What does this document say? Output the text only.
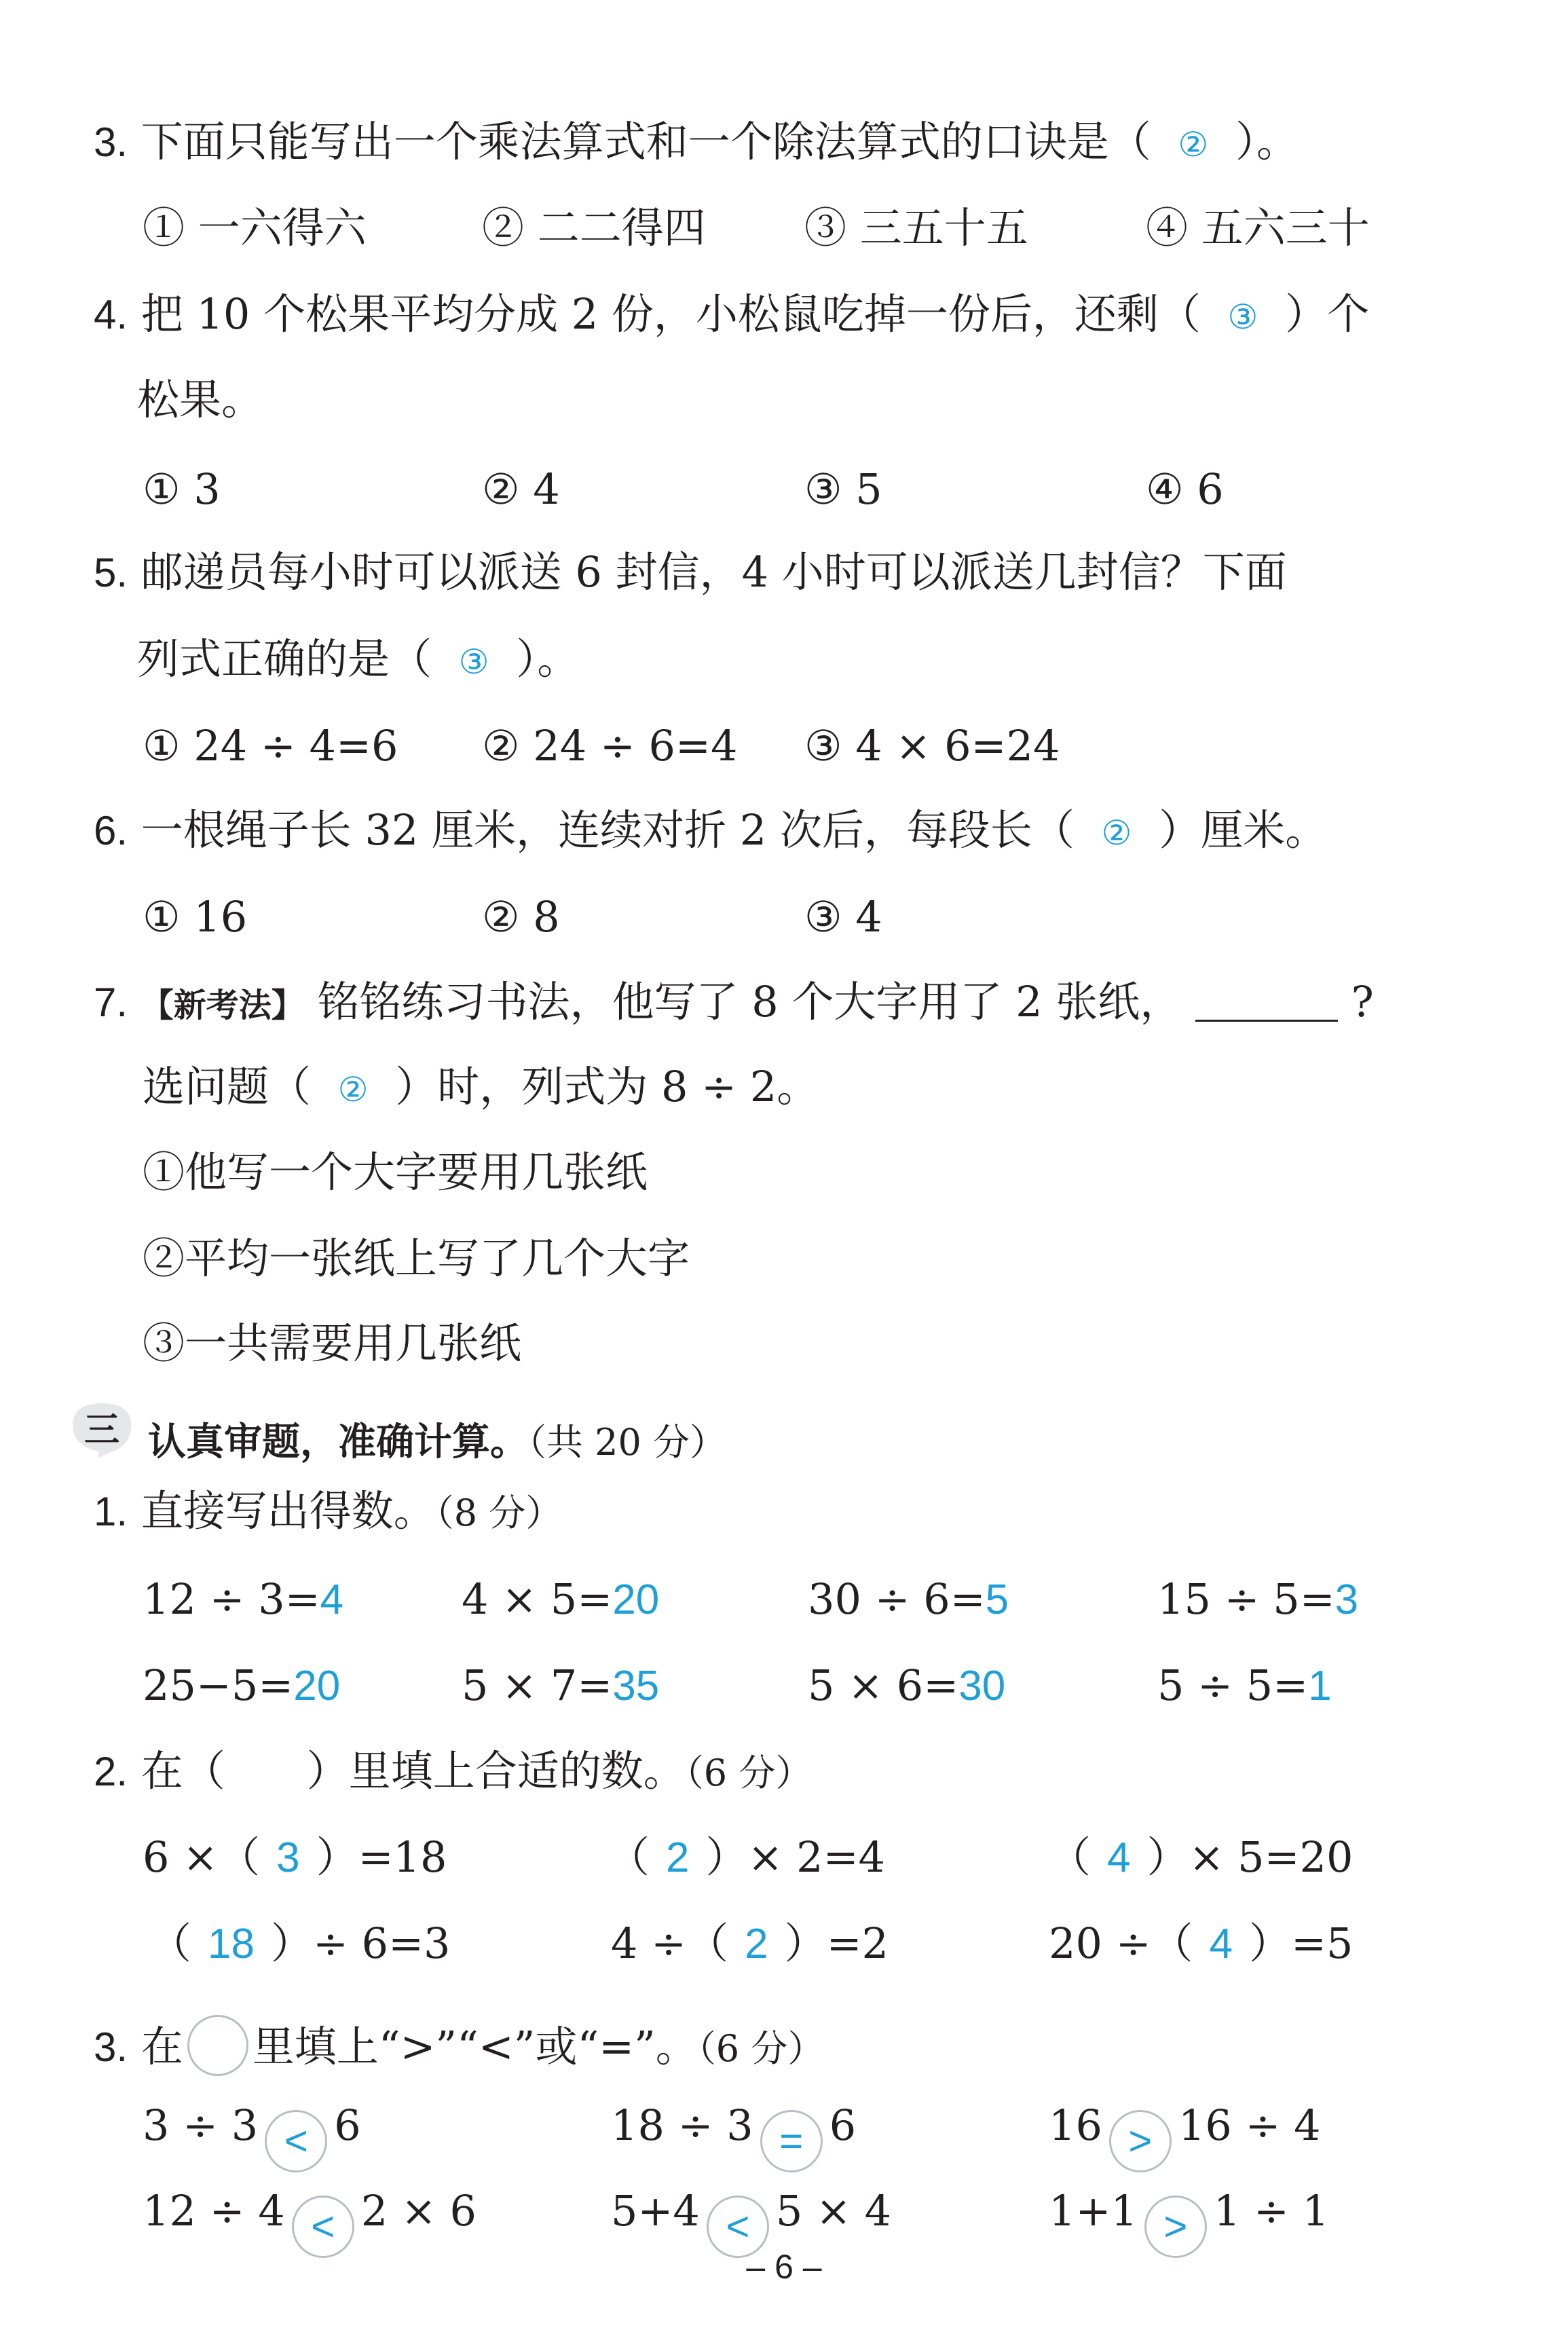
3. 下面只能写出一个乘法算式和一个除法算式的口诀是（ ② ）。
① 一六得六	② 二二得四 ③ 三五十五	④ 五六三十
4. 把 10 个松果平均分成 2 份，小松鼠吃掉一份后，还剩（ ③ ）个
松果。
① 3	② 4	③ 5	④ 6
5. 邮递员每小时可以派送 6 封信，4 小时可以派送几封信？下面
列式正确的是（ ③ ）。
① 24 ÷ 4=6 ② 24 ÷ 6=4 ③ 4 × 6=24
6. 一根绳子长 32 厘米，连续对折 2 次后，每段长（ ② ）厘米。
① 16	② 8	③ 4
7. 【新考法】 铭铭练习书法，他写了 8 个大字用了 2 张纸，	?
选问题（ ② ）时，列式为 8 ÷ 2。
①他写一个大字要用几张纸
②平均一张纸上写了几个大字
③一共需要用几张纸
三 认真审题，准确计算。（共 20 分）
1. 直接写出得数。（8 分）
12 ÷ 3=4	4 × 5=20	30 ÷ 6=5	15 ÷ 5=3
25−5=20	5 × 7=35	5 × 6=30	5 ÷ 5=1
2. 在（ ）里填上合适的数。（6 分）
6 ×（ 3 ）=18	（ 2 ）× 2=4	（ 4 ）× 5=20
（ 18 ）÷ 6=3	4 ÷（ 2 ）=2	20 ÷（ 4 ）=5
3. 在 里填上“>”“<”或“=”。（6 分）
3 ÷ 3 < 6	18 ÷ 3 = 6	16 > 16 ÷ 4
12 ÷ 4 < 2 × 6	5+4 < 5 × 4	1+1 > 1 ÷ 1
– 6 –
